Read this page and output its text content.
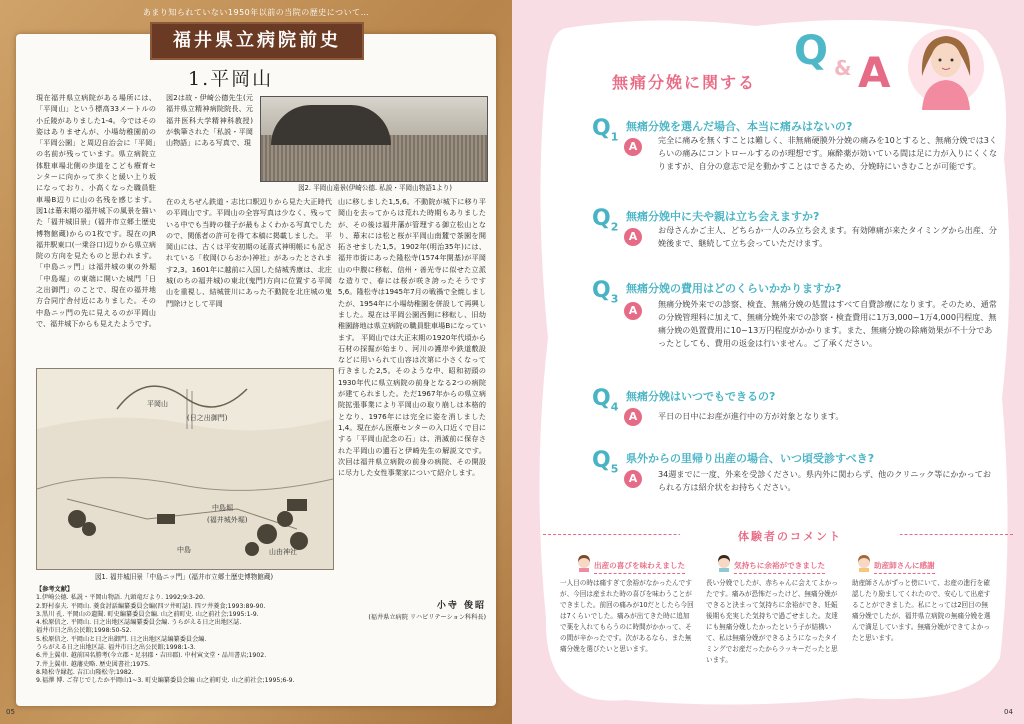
あまり知られていない1950年以前の当院の歴史について…
福井県立病院前史
1.平岡山
現在福井県立病院がある場所には、「平岡山」という標高33メートルの小丘陵がありました1-4。今ではその姿はありませんが、小場幼稚園前の「平岡公園」と周辺自治会に「平岡」の名前が残っています。県立病院立体駐車場北側の歩道をこども療育センターに向かって歩くと緩い上り坂になっており、小高くなった職員駐車場B辺りに山の名残を感じます。 図1は幕末期の福井城下の風景を描いた「福井城旧景」(福井市立郷土歴史博物館蔵)からの1枚です。現在のJR福井駅東口(一乗谷口)辺りから県立病院の方向を見たものと思われます。「中島ニッ門」は福井城の東の外堀「中島堀」の東端に開いた城門「日之出御門」のことで、現在の福井地方合同庁舎付近にありました。その中島ニッ門の先に見えるのが平岡山で、福井城下からも見えたようです。
図2は故・伊崎公德先生(元福井県立精神病院院長、元福井医科大学精神科教授)が執筆された「私説・平岡山物語」にある写真で、現
在のえちぜん鉄道・志比口駅辺りから見た大正時代の平岡山です。平岡山の全容写真は少なく、残っている中でも当時の様子が最もよくわかる写真でしたので、関係者の許可を得て本稿に掲載しました。 平岡山には、古くは平安初期の延喜式神明帳にも記されている「枚岡(ひらおか)神社」があったとされます2,3。1601年に越前に入国した結城秀康は、北庄城(のちの福井城)の東北(鬼門)方向に位置する平岡山を重視し、結城笹川にあった不動院を北庄城の鬼門除けとして平岡
山に移しました1,5,6。不動院が城下に移り平岡山を去ってからは荒れた時期もありましたが、その後は福井藩が管理する御立松山となり、幕末には松と桜が平岡山南麓で茶園を開拓させました1,5。1902年(明治35年)には、福井市街にあった隆松寺(1574年開基)が平岡山の中腹に移転、信州・善光寺に似せた立派な造りで、春には桜が咲き誇ったそうです5,6。隆松寺は1945年7月の戦禍で全焼しましたが、1954年に小場幼稚園を併設して再興しました。現在は平岡公園西側に移転し、旧幼稚園跡地は県立病院の職員駐車場Bになっています。 平岡山では大正末期の1920年代頃から石材の採掘が始まり、河川の護岸や鉄道敷設などに用いられて山容は次第に小さくなって行きました2,5。そのような中、昭和初頭の1930年代に県立病院の前身となる2つの病院が建てられました。ただ1967年からの県立病院拡張事業により平岡山の取り崩しは本格的となり、1976年には完全に姿を消しました1,4。現在がん医療センターの入口近くで目にする「平岡山記念の石」は、消滅前に保存された平岡山の遺石と伊崎先生の解説文です。 次回は福井県立病院の前身の病院、その開設に尽力した女性事業家について紹介します。
図2. 平岡山遠景(伊崎公德. 私説・平岡山物語1より)
平岡山
(日之出御門)
中島堀
(福井城外堀)
中島	山由神社
図1. 福井城旧景「中島ニッ門」(福井市立郷土歴史博物館蔵)
【参考文献】
1.伊崎公德. 私説・平岡山物語. 九頭竜だより. 1992;9:3-20.
2.野村泰夫. 平岡山. 菱食討話編纂委員会編(四ツ井町誌). 四ツ井菱食;1993:89-90.
3.黒川 孔. 平岡山の遺聞. 町史編纂委員会編. 山之前町史. 山之前社会;1995:1-9.
4.松原信之. 平岡山. 日之出地区誌編纂委員会編. うらがえる日之出地区誌.
福井市日之出公民館;1998:50-52.
5.松原信之. 平岡山と日之出御門. 日之出地区誌編纂委員会編.
うらがえる日之出地区誌. 福井市日之出公民館;1998:1-3.
6.井上翼車. 越前国名勝考(今立郡・足羽郡・吉田郡). 中村寅文堂・品川書店;1902.
7.井上翼車. 越藩史略. 歴史図書社;1975.
8.隆松寺縁起. 吉江山隆松寺;1982.
9.福澤 博. ご存じでしたか平岡山1~3. 町史編纂委員会編 山之前町史. 山之前社会;1995;6-9.
小寺 俊昭
(福井県立病院 リハビリテーション科科長)
05
無痛分娩に関する
Q & A
$Q_1$
無痛分娩を選んだ場合、本当に痛みはないの?
A	完全に痛みを無くすことは難しく、非無痛硬膜外分娩の痛みを10とすると、無痛分娩では3くらいの痛みにコントロールするのが理想です。麻酔薬が効いている間は足に力が入りにくくなりますが、自分の意志で足を動かすことはできるため、分娩時にいきむことが可能です。
$Q_2$
無痛分娩中に夫や親は立ち会えますか?
A	お母さんかご主人、どちらか一人のみ立ち会えます。有効陣痛が来たタイミングから出産、分娩後まで、継続して立ち会っていただけます。
$Q_3$
無痛分娩の費用はどのくらいかかりますか?
A	無痛分娩外来での診察、検査、無痛分娩の処置はすべて自費診療になります。そのため、通常の分娩管理料に加えて、無痛分娩外来での診察・検査費用に1万3,000~1万4,000円程度、無痛分娩の処置費用に10~13万円程度がかかります。また、無痛分娩の除痛効果が不十分であったとしても、費用の返金は行いません。ご了承ください。
$Q_4$
無痛分娩はいつでもできるの?
A	平日の日中にお産が進行中の方が対象となります。
$Q_5$
県外からの里帰り出産の場合、いつ頃受診すべき?
A	34週までに一度、外来を受診ください。県内外に関わらず、他のクリニック等にかかっておられる方は紹介状をお持ちください。
体験者のコメント
出産の喜びを味わえました
一人目の時は痛すぎて余裕がなかったんですが、今回は産まれた時の喜びを味わうことができました。前回の痛みが10だとしたら今回は7くらいでした。痛みが出てきた時に追加で薬を入れてもらうのに時間がかかって、その間が辛かったです。次があるなら、また無痛分娩を選びたいと思います。
気持ちに余裕ができました
長い分娩でしたが、赤ちゃんに会えてよかったです。痛みが恐怖だったけど、無痛分娩ができると決まって気持ちに余裕ができ、妊娠後期も充実した気持ちで過ごせました。友達にも無痛分娩したかったという子が結構いて、私は無痛分娩ができるようになったタイミングでお産だったからラッキーだったと思います。
助産師さんに感謝
助産師さんがずっと傍にいて、お産の進行を確認したり励ましてくれたので、安心して出産することができました。私にとっては2回目の無痛分娩でしたが、福井県立病院の無痛分娩を選んで満足しています。無痛分娩ができてよかったと思います。
04
